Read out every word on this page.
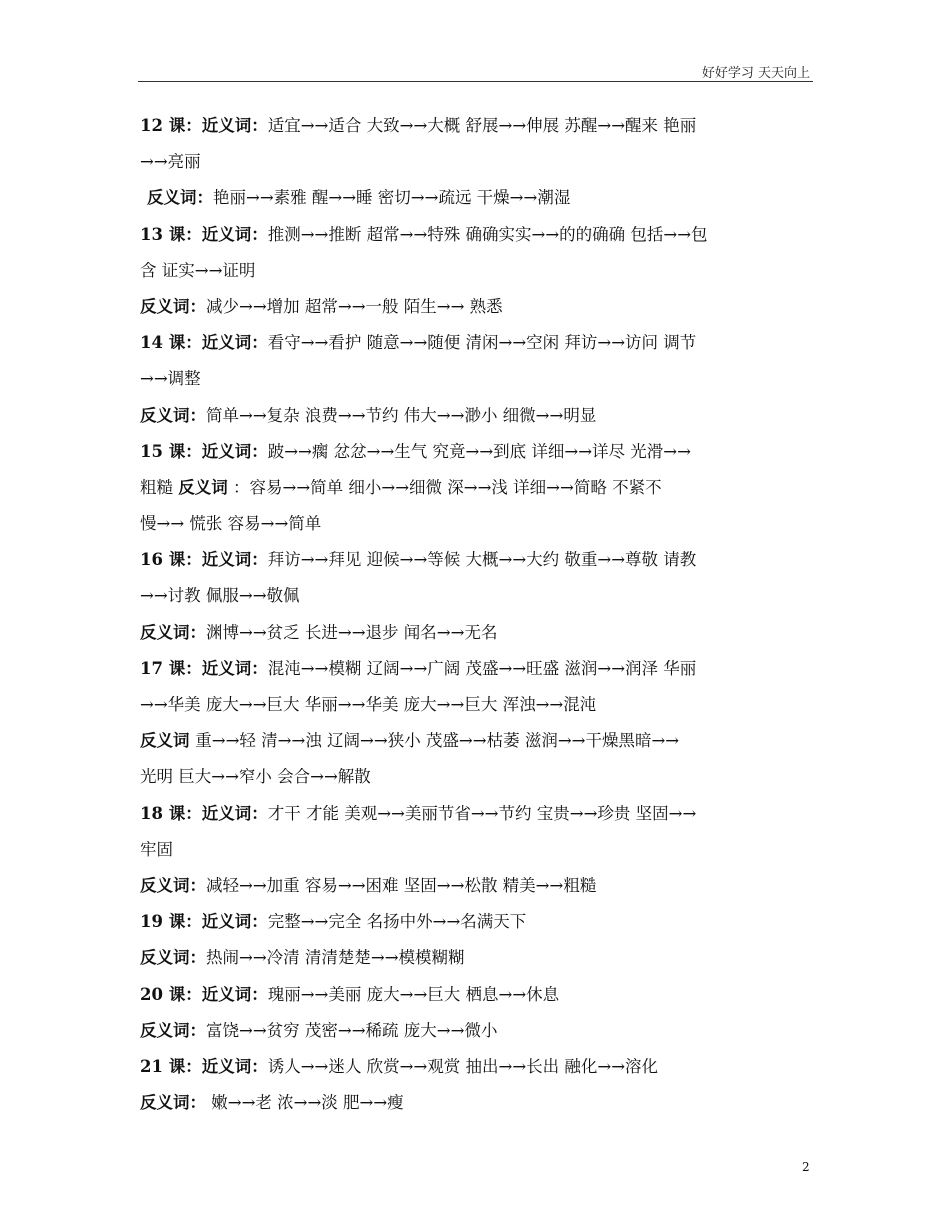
好好学习 天天向上
12 课：近义词：适宜→→适合 大致→→大概 舒展→→伸展 苏醒→→醒来 艳丽
→→亮丽
反义词：艳丽→→素雅 醒→→睡 密切→→疏远 干燥→→潮湿
13 课：近义词：推测→→推断 超常→→特殊 确确实实→→的的确确 包括→→包
含 证实→→证明
反义词：减少→→增加 超常→→一般 陌生→→ 熟悉
14 课：近义词：看守→→看护 随意→→随便 清闲→→空闲 拜访→→访问 调节
→→调整
反义词：简单→→复杂 浪费→→节约 伟大→→渺小 细微→→明显
15 课：近义词：跛→→瘸 忿忿→→生气 究竟→→到底 详细→→详尽 光滑→→
粗糙 反义词 ：容易→→简单 细小→→细微 深→→浅 详细→→简略 不紧不
慢→→ 慌张 容易→→简单
16 课：近义词：拜访→→拜见 迎候→→等候 大概→→大约 敬重→→尊敬 请教
→→讨教 佩服→→敬佩
反义词：渊博→→贫乏 长进→→退步 闻名→→无名
17 课：近义词：混沌→→模糊 辽阔→→广阔 茂盛→→旺盛 滋润→→润泽 华丽
→→华美 庞大→→巨大 华丽→→华美 庞大→→巨大 浑浊→→混沌
反义词 重→→轻 清→→浊 辽阔→→狭小 茂盛→→枯萎 滋润→→干燥黑暗→→
光明 巨大→→窄小 会合→→解散
18 课：近义词：才干 才能 美观→→美丽节省→→节约 宝贵→→珍贵 坚固→→
牢固
反义词：减轻→→加重 容易→→困难 坚固→→松散 精美→→粗糙
19 课：近义词：完整→→完全 名扬中外→→名满天下
反义词：热闹→→冷清 清清楚楚→→模模糊糊
20 课：近义词：瑰丽→→美丽 庞大→→巨大 栖息→→休息
反义词：富饶→→贫穷 茂密→→稀疏 庞大→→微小
21 课：近义词：诱人→→迷人 欣赏→→观赏 抽出→→长出 融化→→溶化
反义词： 嫩→→老 浓→→淡 肥→→瘦
2
